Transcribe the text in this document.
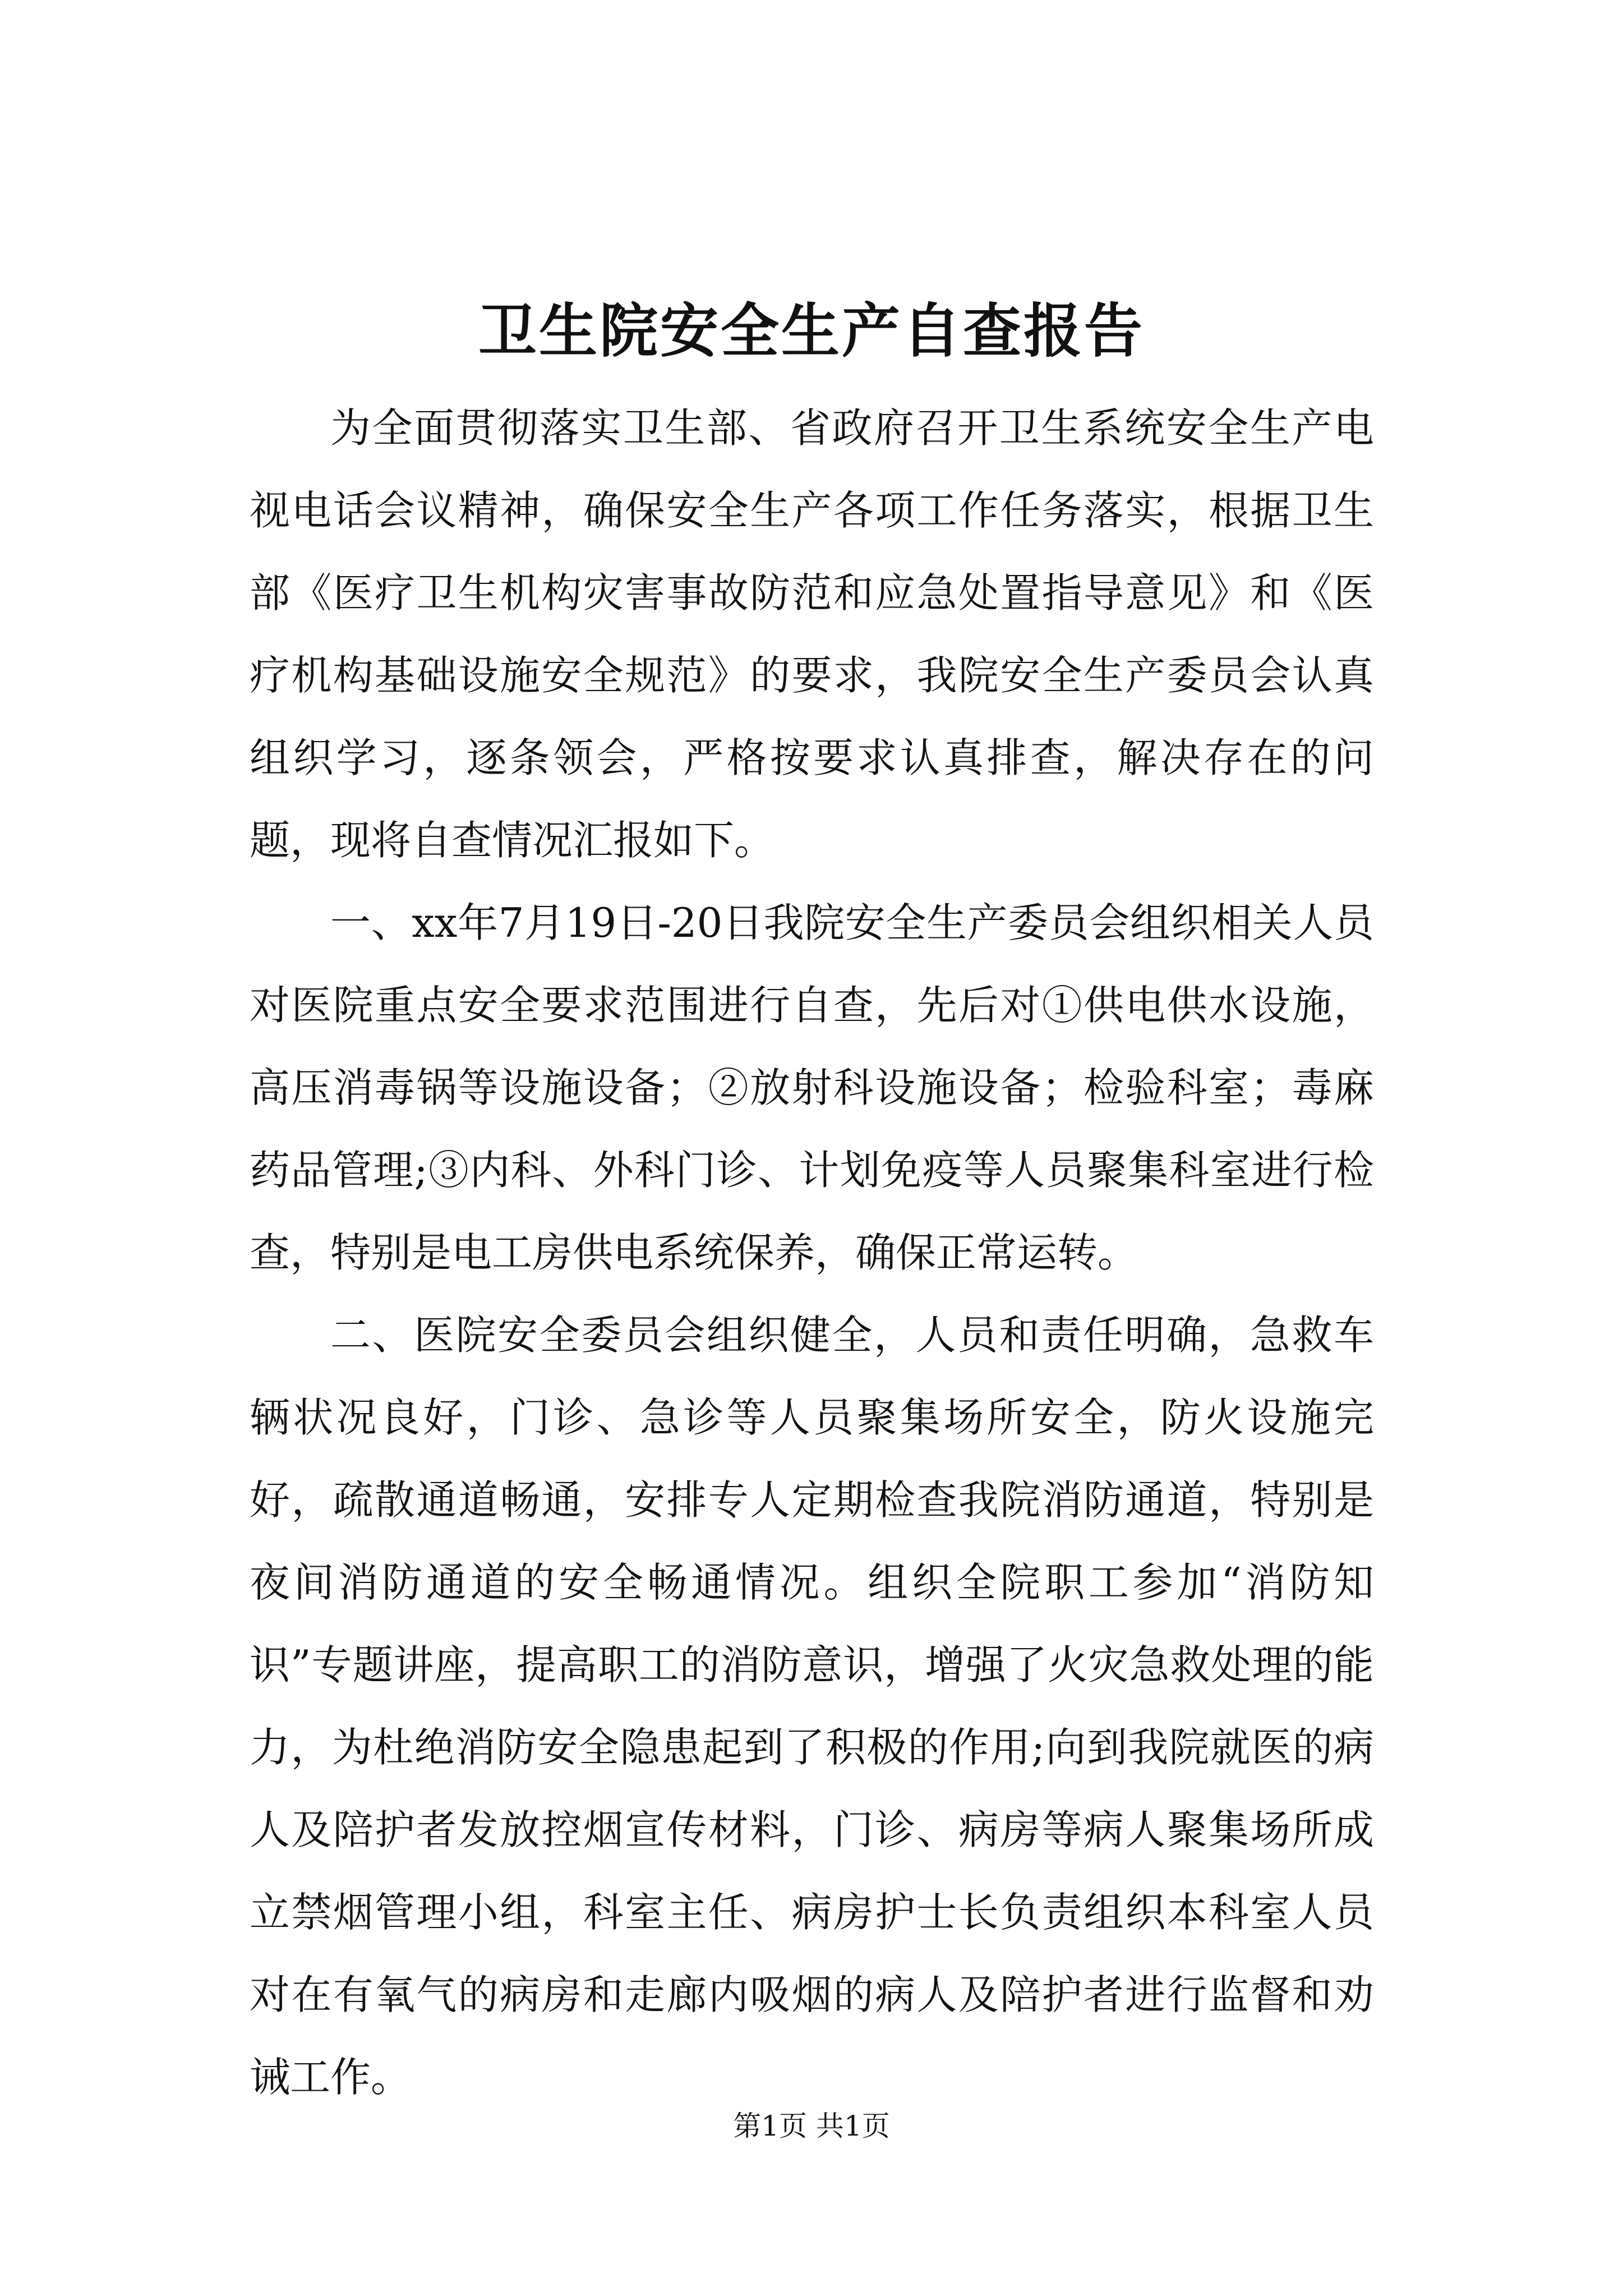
卫生院安全生产自查报告

为全面贯彻落实卫生部、省政府召开卫生系统安全生产电视电话会议精神，确保安全生产各项工作任务落实，根据卫生部《医疗卫生机构灾害事故防范和应急处置指导意见》和《医疗机构基础设施安全规范》的要求，我院安全生产委员会认真组织学习，逐条领会，严格按要求认真排查，解决存在的问题，现将自查情况汇报如下。

一、xx年7月19日-20日我院安全生产委员会组织相关人员对医院重点安全要求范围进行自查，先后对①供电供水设施，高压消毒锅等设施设备；②放射科设施设备；检验科室；毒麻药品管理;③内科、外科门诊、计划免疫等人员聚集科室进行检查，特别是电工房供电系统保养，确保正常运转。

二、医院安全委员会组织健全，人员和责任明确，急救车辆状况良好，门诊、急诊等人员聚集场所安全，防火设施完好，疏散通道畅通，安排专人定期检查我院消防通道，特别是夜间消防通道的安全畅通情况。组织全院职工参加“消防知识”专题讲座，提高职工的消防意识，增强了火灾急救处理的能力，为杜绝消防安全隐患起到了积极的作用;向到我院就医的病人及陪护者发放控烟宣传材料，门诊、病房等病人聚集场所成立禁烟管理小组，科室主任、病房护士长负责组织本科室人员对在有氧气的病房和走廊内吸烟的病人及陪护者进行监督和劝诫工作。

第1页 共1页
